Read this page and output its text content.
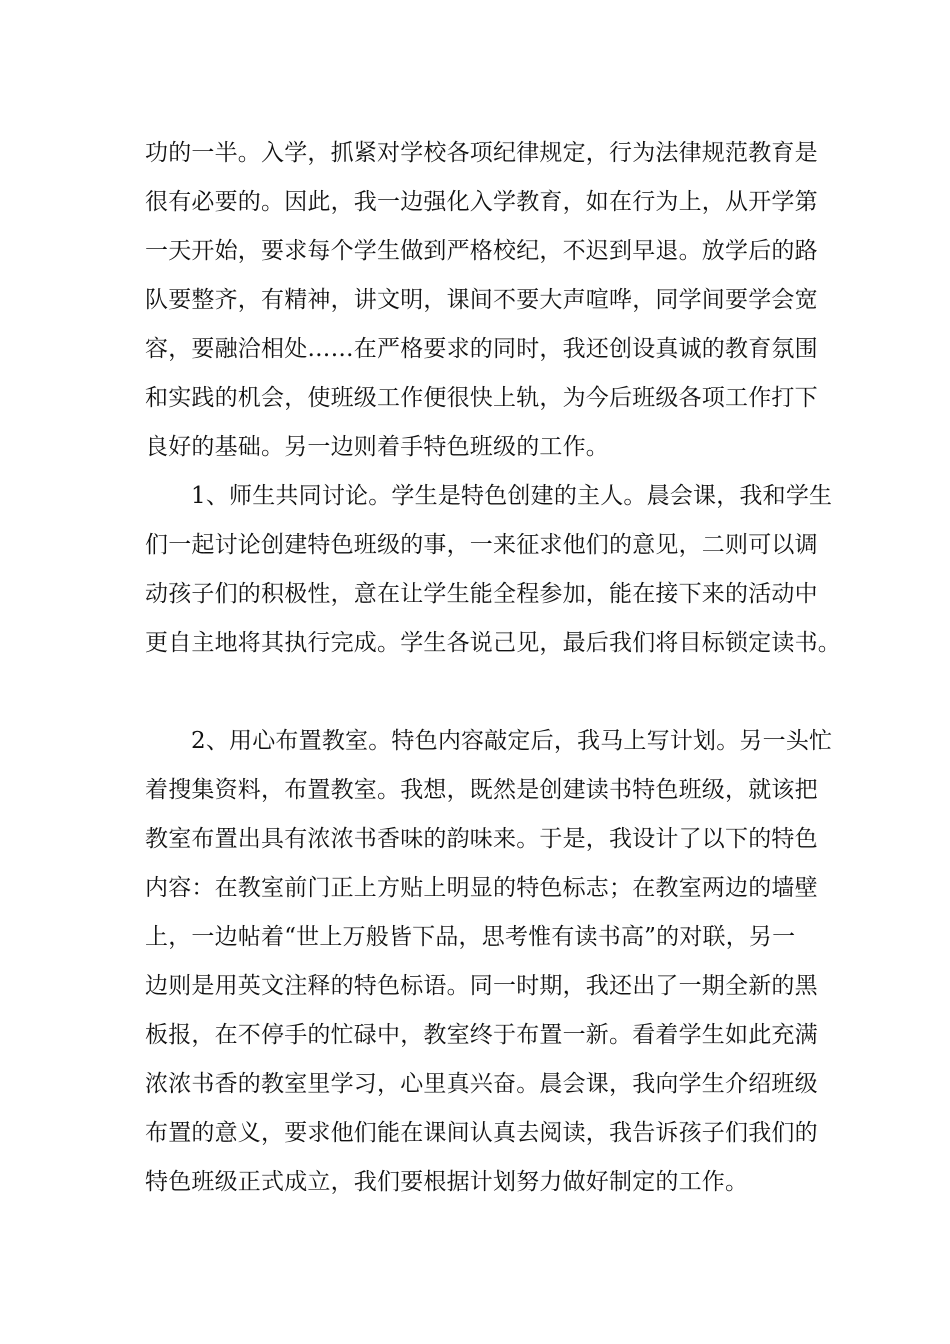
功的一半。入学，抓紧对学校各项纪律规定，行为法律规范教育是
很有必要的。因此，我一边强化入学教育，如在行为上，从开学第
一天开始，要求每个学生做到严格校纪，不迟到早退。放学后的路
队要整齐，有精神，讲文明，课间不要大声喧哗，同学间要学会宽
容，要融洽相处……在严格要求的同时，我还创设真诚的教育氛围
和实践的机会，使班级工作便很快上轨，为今后班级各项工作打下
良好的基础。另一边则着手特色班级的工作。
1、师生共同讨论。学生是特色创建的主人。晨会课，我和学生
们一起讨论创建特色班级的事，一来征求他们的意见，二则可以调
动孩子们的积极性，意在让学生能全程参加，能在接下来的活动中
更自主地将其执行完成。学生各说己见，最后我们将目标锁定读书。
2、用心布置教室。特色内容敲定后，我马上写计划。另一头忙
着搜集资料，布置教室。我想，既然是创建读书特色班级，就该把
教室布置出具有浓浓书香味的韵味来。于是，我设计了以下的特色
内容：在教室前门正上方贴上明显的特色标志；在教室两边的墙壁
上，一边帖着“世上万般皆下品，思考惟有读书高”的对联，另一
边则是用英文注释的特色标语。同一时期，我还出了一期全新的黑
板报，在不停手的忙碌中，教室终于布置一新。看着学生如此充满
浓浓书香的教室里学习，心里真兴奋。晨会课，我向学生介绍班级
布置的意义，要求他们能在课间认真去阅读，我告诉孩子们我们的
特色班级正式成立，我们要根据计划努力做好制定的工作。
